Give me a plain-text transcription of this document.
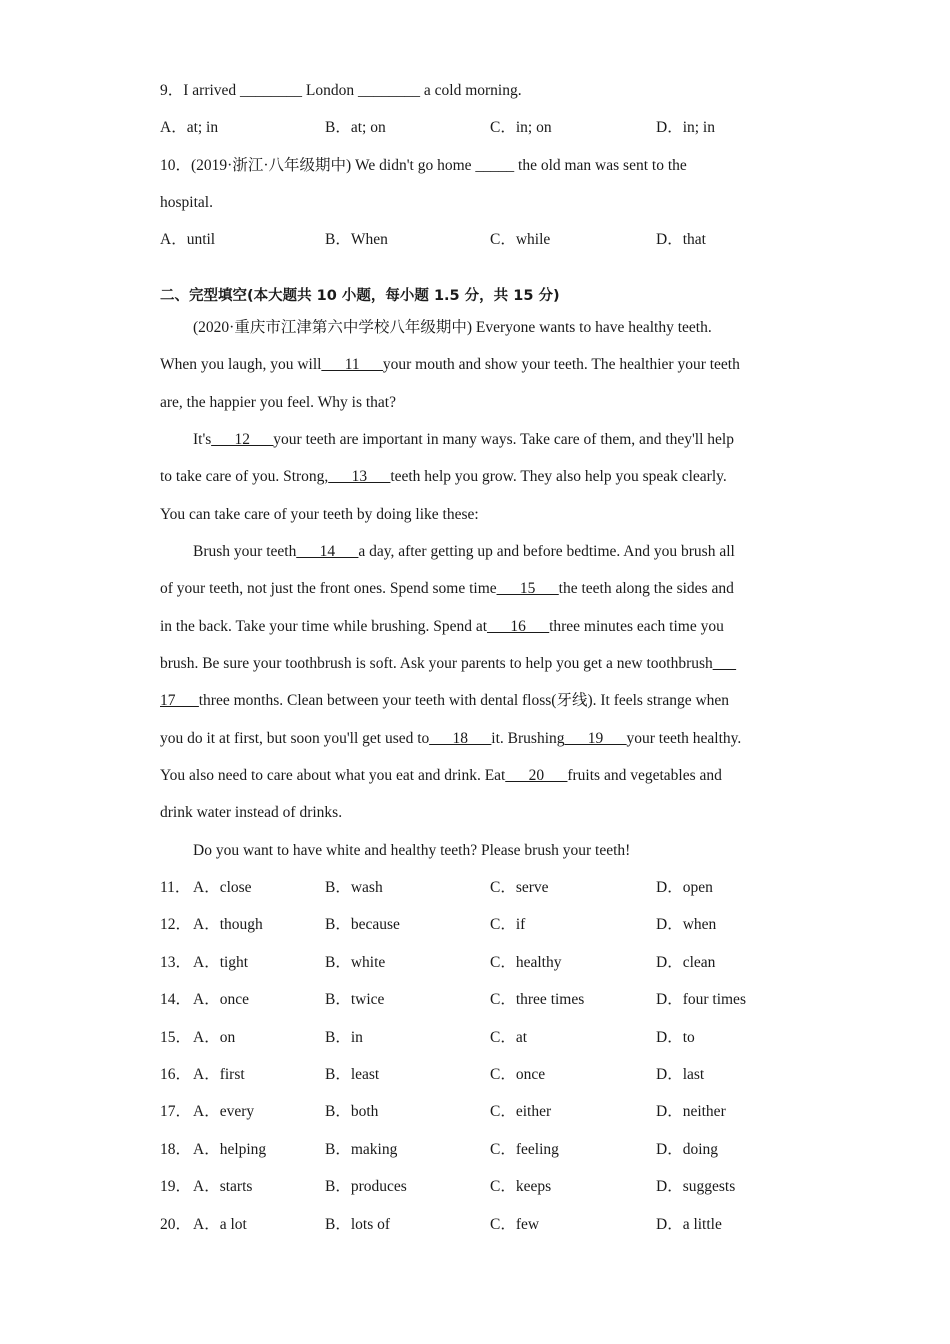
9．I arrived ________ London ________ a cold morning.
A．at; in	B．at; on	C．in; on	D．in; in
10．(2019·浙江·八年级期中) We didn't go home _____ the old man was sent to the
hospital.
A．until	B．When	C．while	D．that
二、完型填空(本大题共 10 小题，每小题 1.5 分，共 15 分)
(2020·重庆市江津第六中学校八年级期中) Everyone wants to have healthy teeth.
When you laugh, you will___11___your mouth and show your teeth. The healthier your teeth
are, the happier you feel. Why is that?
It's___12___your teeth are important in many ways. Take care of them, and they'll help
to take care of you. Strong,___13___teeth help you grow. They also help you speak clearly.
You can take care of your teeth by doing like these:
Brush your teeth___14___a day, after getting up and before bedtime. And you brush all
of your teeth, not just the front ones. Spend some time___15___the teeth along the sides and
in the back. Take your time while brushing. Spend at___16___three minutes each time you
brush. Be sure your toothbrush is soft. Ask your parents to help you get a new toothbrush___
17___three months. Clean between your teeth with dental floss(牙线). It feels strange when
you do it at first, but soon you'll get used to___18___it. Brushing___19___your teeth healthy.
You also need to care about what you eat and drink. Eat___20___fruits and vegetables and
drink water instead of drinks.
Do you want to have white and healthy teeth? Please brush your teeth!
11． A．close	B．wash	C．serve	D．open
12． A．though	B．because	C．if	D．when
13． A．tight	B．white	C．healthy	D．clean
14． A．once	B．twice	C．three times	D．four times
15． A．on	B．in	C．at	D．to
16． A．first	B．least	C．once	D．last
17． A．every	B．both	C．either	D．neither
18． A．helping	B．making	C．feeling	D．doing
19． A．starts	B．produces	C．keeps	D．suggests
20． A．a lot	B．lots of	C．few	D．a little
